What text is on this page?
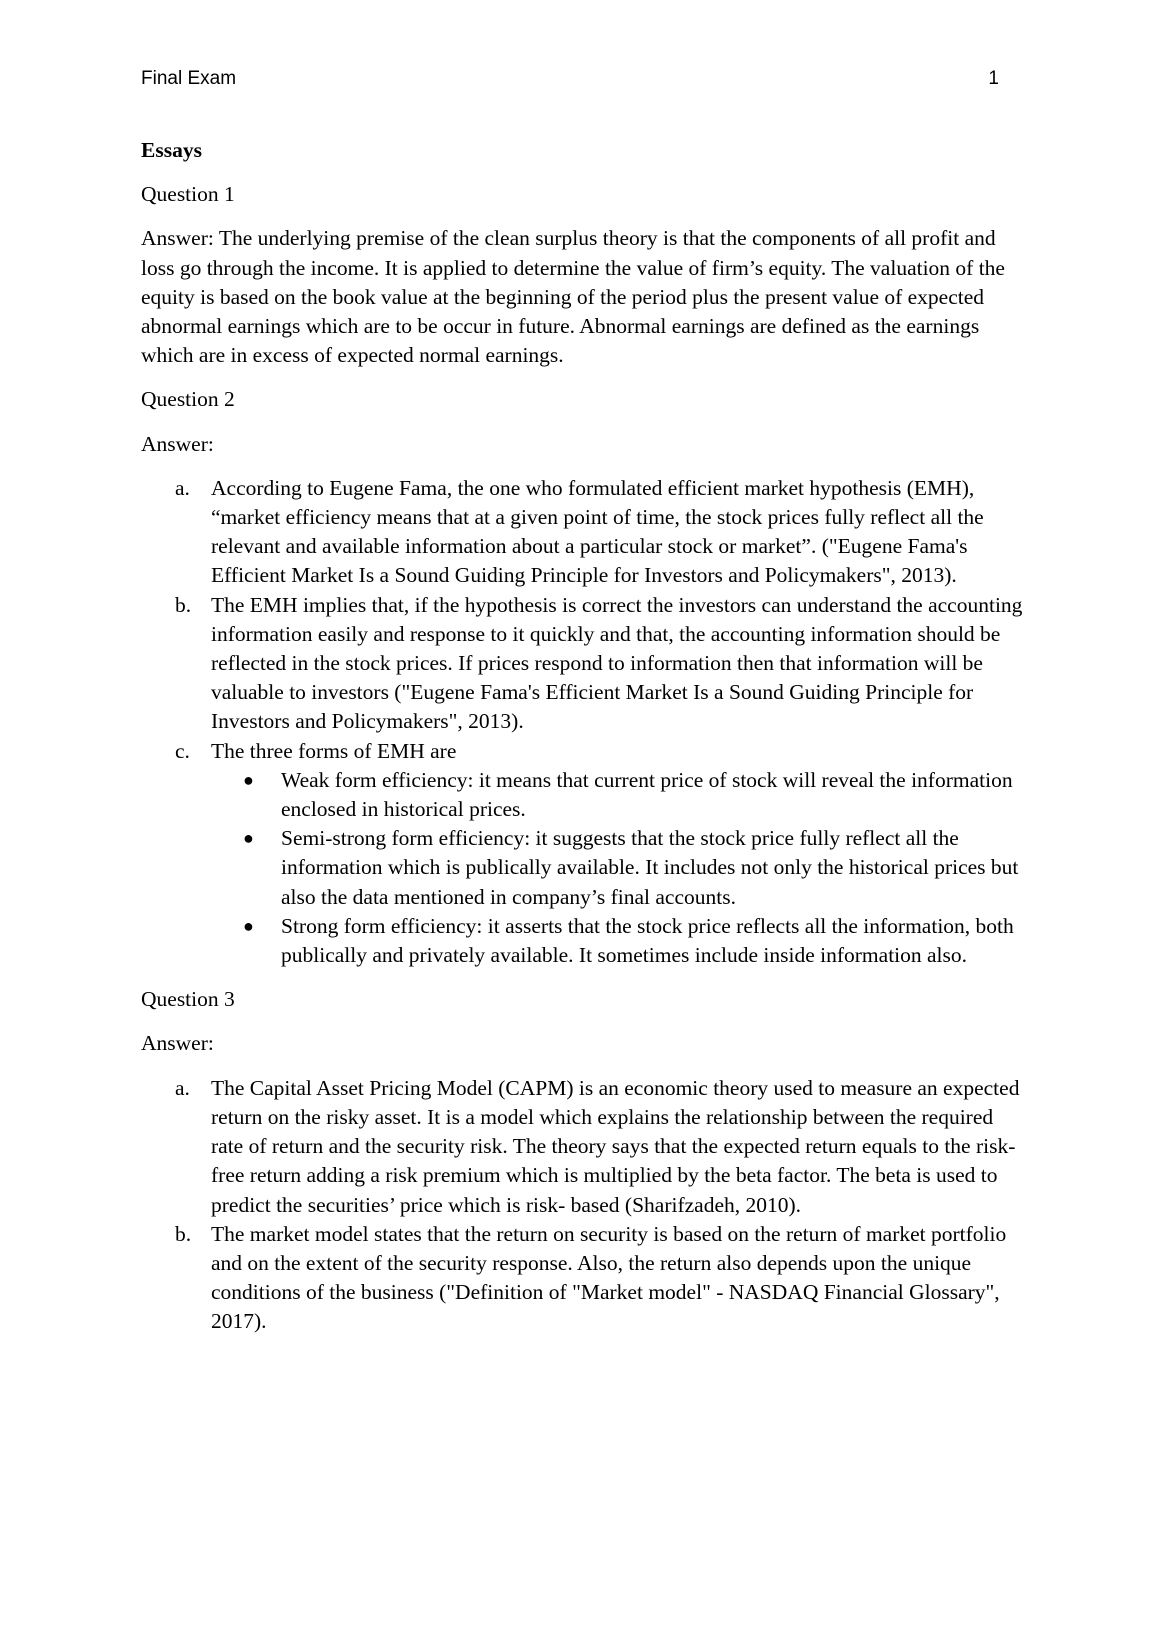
Final Exam	1

Essays

Question 1

Answer: The underlying premise of the clean surplus theory is that the components of all profit and loss go through the income. It is applied to determine the value of firm’s equity. The valuation of the equity is based on the book value at the beginning of the period plus the present value of expected abnormal earnings which are to be occur in future. Abnormal earnings are defined as the earnings which are in excess of expected normal earnings.

Question 2

Answer:

a. According to Eugene Fama, the one who formulated efficient market hypothesis (EMH), “market efficiency means that at a given point of time, the stock prices fully reflect all the relevant and available information about a particular stock or market”. ("Eugene Fama's Efficient Market Is a Sound Guiding Principle for Investors and Policymakers", 2013).
b. The EMH implies that, if the hypothesis is correct the investors can understand the accounting information easily and response to it quickly and that, the accounting information should be reflected in the stock prices. If prices respond to information then that information will be valuable to investors ("Eugene Fama's Efficient Market Is a Sound Guiding Principle for Investors and Policymakers", 2013).
c. The three forms of EMH are
● Weak form efficiency: it means that current price of stock will reveal the information enclosed in historical prices.
● Semi-strong form efficiency: it suggests that the stock price fully reflect all the information which is publically available. It includes not only the historical prices but also the data mentioned in company’s final accounts.
● Strong form efficiency: it asserts that the stock price reflects all the information, both publically and privately available. It sometimes include inside information also.

Question 3

Answer:

a. The Capital Asset Pricing Model (CAPM) is an economic theory used to measure an expected return on the risky asset. It is a model which explains the relationship between the required rate of return and the security risk. The theory says that the expected return equals to the risk-free return adding a risk premium which is multiplied by the beta factor. The beta is used to predict the securities’ price which is risk- based (Sharifzadeh, 2010).
b. The market model states that the return on security is based on the return of market portfolio and on the extent of the security response. Also, the return also depends upon the unique conditions of the business ("Definition of "Market model" - NASDAQ Financial Glossary", 2017).
